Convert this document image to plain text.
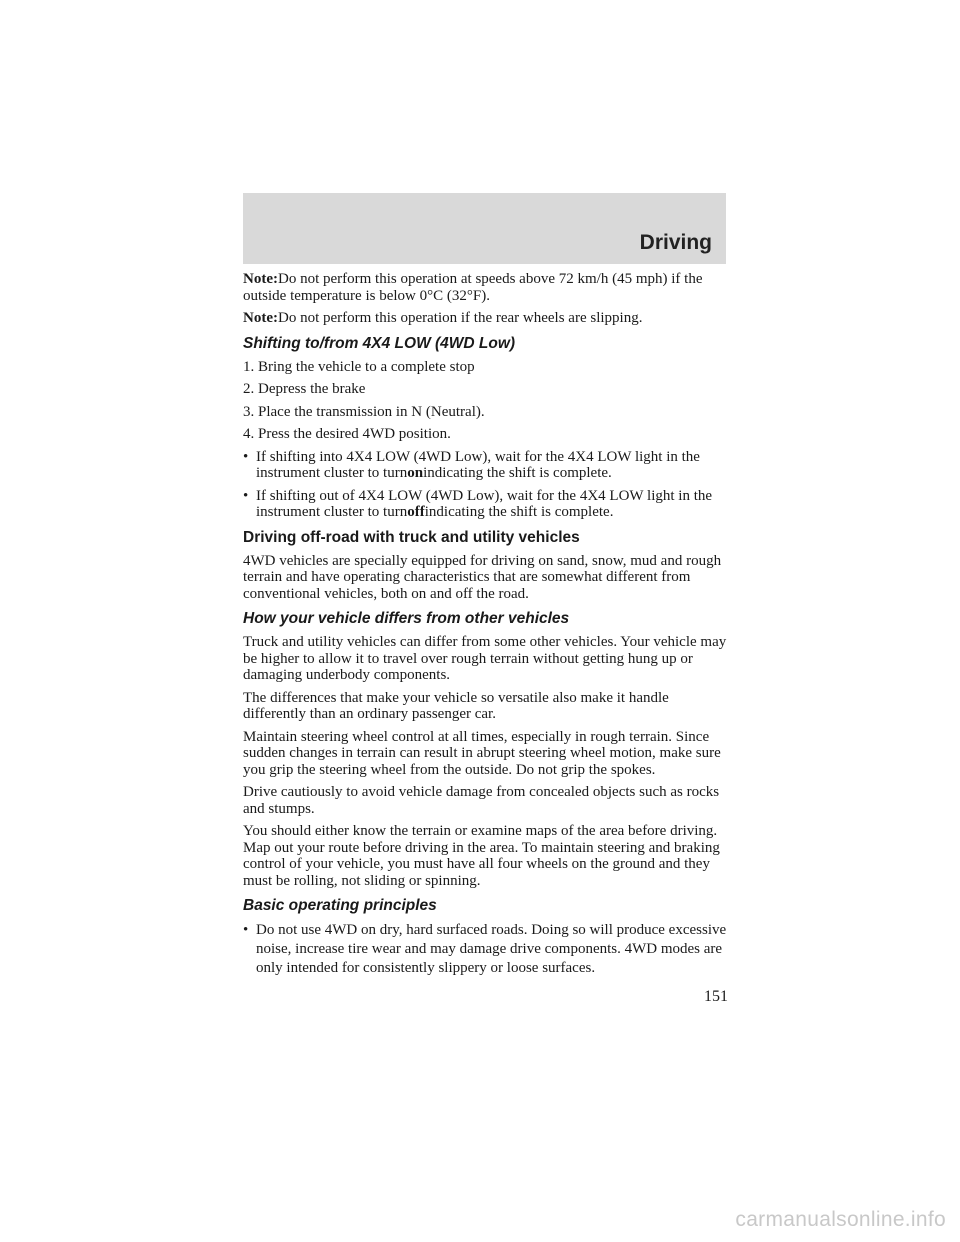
Driving

Note:Do not perform this operation at speeds above 72 km/h (45 mph) if the outside temperature is below 0°C (32°F).

Note:Do not perform this operation if the rear wheels are slipping.

Shifting to/from 4X4 LOW (4WD Low)
1. Bring the vehicle to a complete stop
2. Depress the brake
3. Place the transmission in N (Neutral).
4. Press the desired 4WD position.
• If shifting into 4X4 LOW (4WD Low), wait for the 4X4 LOW light in the instrument cluster to turnonindicating the shift is complete.
• If shifting out of 4X4 LOW (4WD Low), wait for the 4X4 LOW light in the instrument cluster to turnoffindicating the shift is complete.
Driving off-road with truck and utility vehicles

4WD vehicles are specially equipped for driving on sand, snow, mud and rough terrain and have operating characteristics that are somewhat different from conventional vehicles, both on and off the road.

How your vehicle differs from other vehicles

Truck and utility vehicles can differ from some other vehicles. Your vehicle may be higher to allow it to travel over rough terrain without getting hung up or damaging underbody components.

The differences that make your vehicle so versatile also make it handle differently than an ordinary passenger car.

Maintain steering wheel control at all times, especially in rough terrain. Since sudden changes in terrain can result in abrupt steering wheel motion, make sure you grip the steering wheel from the outside. Do not grip the spokes.

Drive cautiously to avoid vehicle damage from concealed objects such as rocks and stumps.

You should either know the terrain or examine maps of the area before driving. Map out your route before driving in the area. To maintain steering and braking control of your vehicle, you must have all four wheels on the ground and they must be rolling, not sliding or spinning.

Basic operating principles
• Do not use 4WD on dry, hard surfaced roads. Doing so will produce excessive noise, increase tire wear and may damage drive components. 4WD modes are only intended for consistently slippery or loose surfaces.
151
carmanualsonline.info
